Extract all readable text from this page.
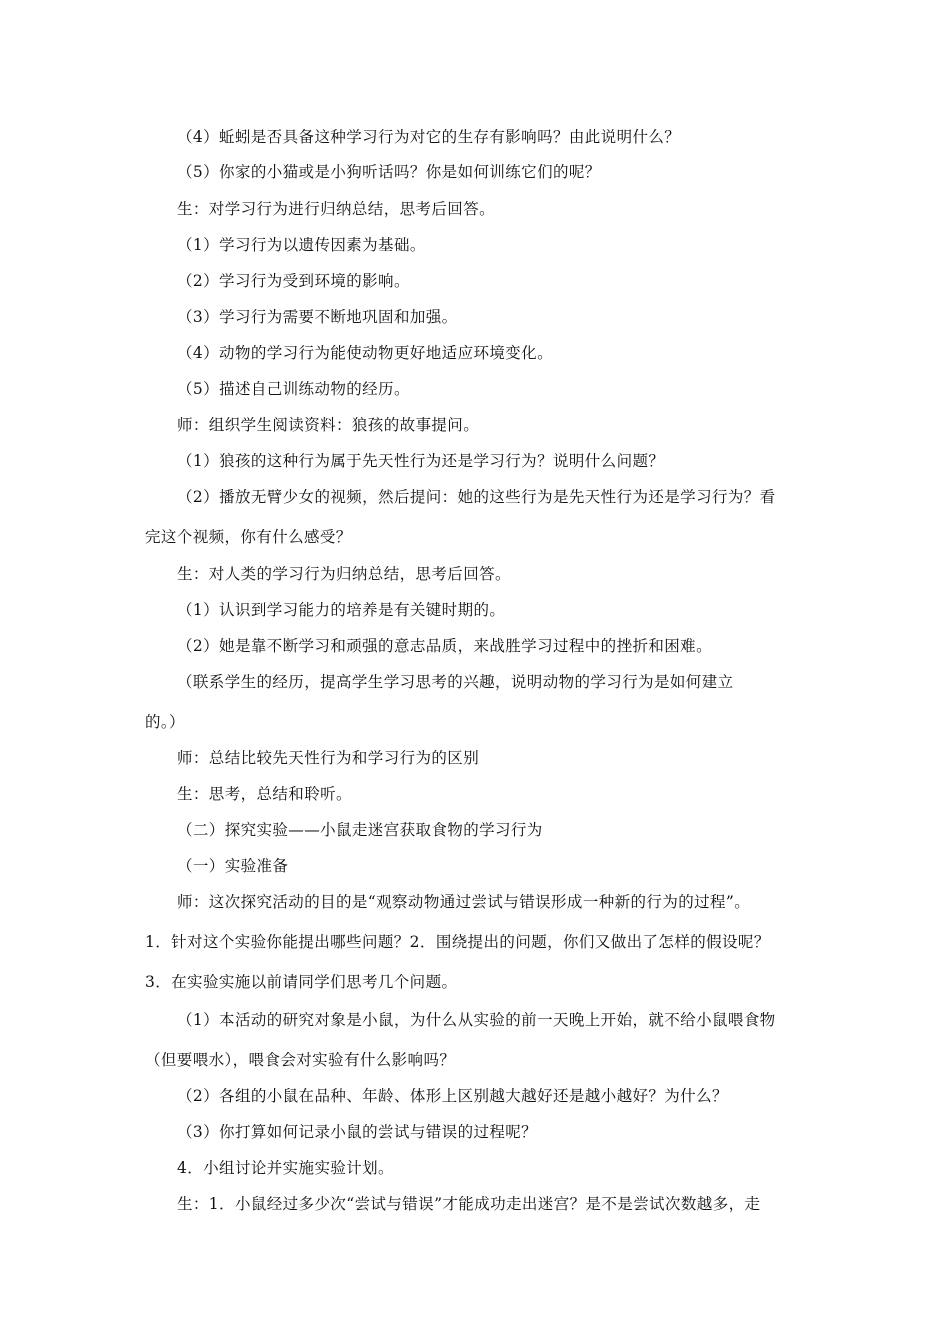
（4）蚯蚓是否具备这种学习行为对它的生存有影响吗？由此说明什么？
（5）你家的小猫或是小狗听话吗？你是如何训练它们的呢？
生：对学习行为进行归纳总结，思考后回答。
（1）学习行为以遗传因素为基础。
（2）学习行为受到环境的影响。
（3）学习行为需要不断地巩固和加强。
（4）动物的学习行为能使动物更好地适应环境变化。
（5）描述自己训练动物的经历。
师：组织学生阅读资料：狼孩的故事提问。
（1）狼孩的这种行为属于先天性行为还是学习行为？说明什么问题？
（2）播放无臂少女的视频，然后提问：她的这些行为是先天性行为还是学习行为？看
完这个视频，你有什么感受？
生：对人类的学习行为归纳总结，思考后回答。
（1）认识到学习能力的培养是有关键时期的。
（2）她是靠不断学习和顽强的意志品质，来战胜学习过程中的挫折和困难。
（联系学生的经历，提高学生学习思考的兴趣，说明动物的学习行为是如何建立
的。）
师：总结比较先天性行为和学习行为的区别
生：思考，总结和聆听。
（二）探究实验——小鼠走迷宫获取食物的学习行为
（一）实验准备
师：这次探究活动的目的是“观察动物通过尝试与错误形成一种新的行为的过程”。
1．针对这个实验你能提出哪些问题？2．围绕提出的问题，你们又做出了怎样的假设呢？
3．在实验实施以前请同学们思考几个问题。
（1）本活动的研究对象是小鼠，为什么从实验的前一天晚上开始，就不给小鼠喂食物
（但要喂水），喂食会对实验有什么影响吗？
（2）各组的小鼠在品种、年龄、体形上区别越大越好还是越小越好？为什么？
（3）你打算如何记录小鼠的尝试与错误的过程呢？
4．小组讨论并实施实验计划。
生：1．小鼠经过多少次“尝试与错误”才能成功走出迷宫？是不是尝试次数越多，走
